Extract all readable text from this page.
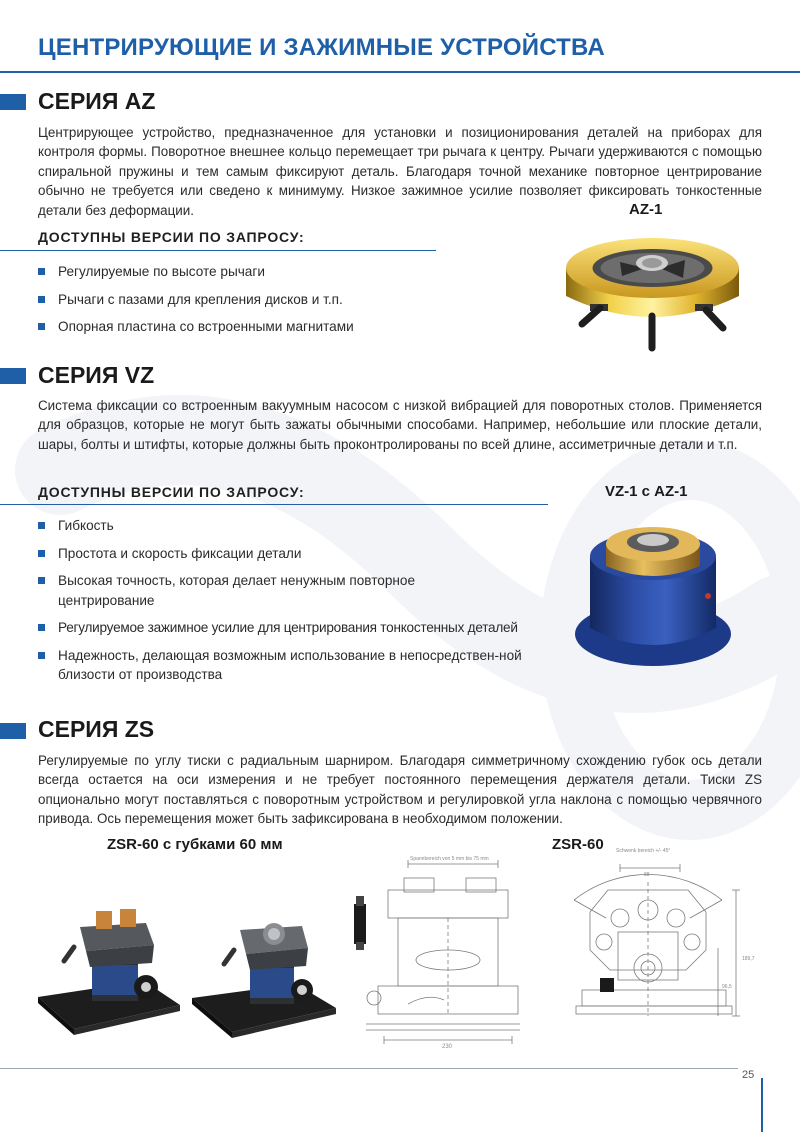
ЦЕНТРИРУЮЩИЕ И ЗАЖИМНЫЕ УСТРОЙСТВА
СЕРИЯ AZ
Центрирующее устройство, предназначенное для установки и позиционирования деталей на приборах для контроля формы. Поворотное внешнее кольцо перемещает три рычага к центру. Рычаги удерживаются с помощью спиральной пружины и тем самым фиксируют деталь. Благодаря точной механике повторное центрирование обычно не требуется или сведено к минимуму. Низкое зажимное усилие позволяет фиксировать тонкостенные детали без деформации.	AZ-1
ДОСТУПНЫ ВЕРСИИ ПО ЗАПРОСУ:
Регулируемые по высоте рычаги
Рычаги с пазами для крепления дисков и т.п.
Опорная пластина со встроенными магнитами
СЕРИЯ VZ
Система фиксации со встроенным вакуумным насосом с низкой вибрацией для поворотных столов. Применяется для образцов, которые не могут быть зажаты обычными способами. Например, небольшие или плоские детали, шары, болты и штифты, которые должны быть проконтролированы по всей длине, ассиметричные детали и т.п.
ДОСТУПНЫ ВЕРСИИ ПО ЗАПРОСУ:	VZ-1 с AZ-1
Гибкость
Простота и скорость фиксации детали
Высокая точность, которая делает ненужным повторное центрирование
Регулируемое зажимное усилие для центрирования тонкостенных деталей
Надежность, делающая возможным использование в непосредствен-ной близости от производства
СЕРИЯ ZS
Регулируемые по углу тиски с радиальным шарниром. Благодаря симметричному схождению губок ось детали всегда остается на оси измерения и не требует постоянного перемещения держателя детали. Тиски ZS опционально могут поставляться с поворотным устройством и регулировкой угла наклона с помощью червячного привода. Ось перемещения может быть зафиксирована в необходимом положении.
ZSR-60 с губками 60 мм	ZSR-60
Spannbereich von 5 mm bis 75 mm
230
Schwenk bereich +/- 45°
88
189,7
96,5
25
